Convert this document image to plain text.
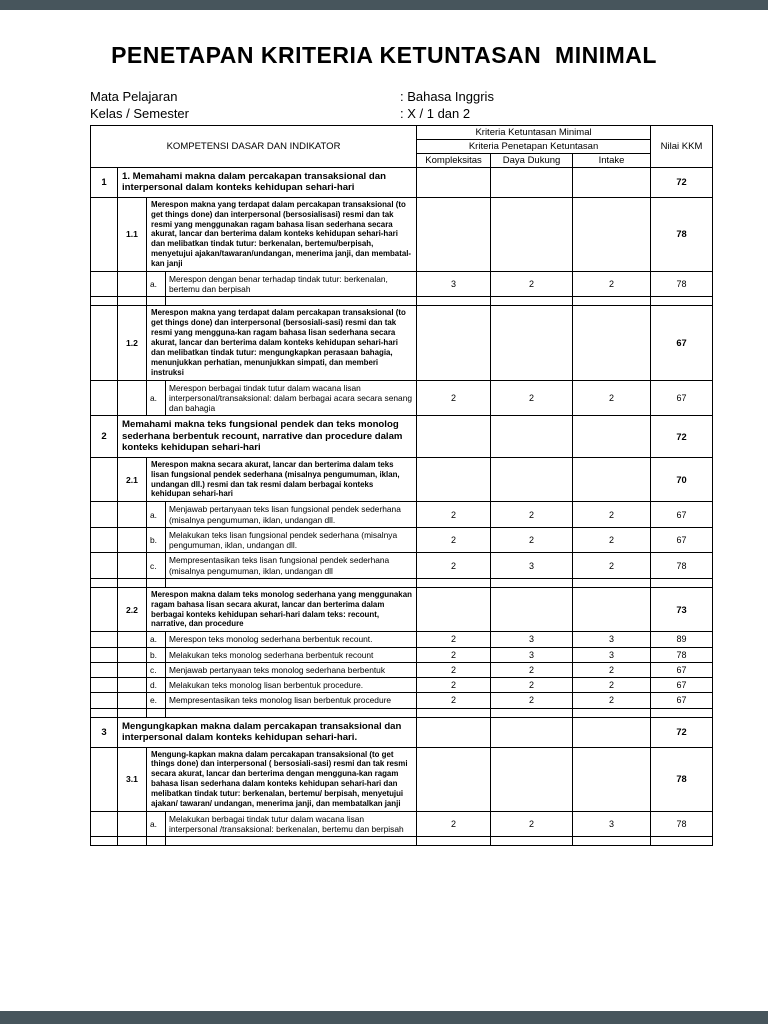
PENETAPAN KRITERIA KETUNTASAN  MINIMAL
Mata Pelajaran	: Bahasa Inggris
Kelas / Semester	: X / 1 dan 2
KOMPETENSI DASAR DAN INDIKATOR				Kriteria Ketuntasan Minimal			Nilai KKM
				Kriteria Penetapan Ketuntasan			
				Kompleksitas	Daya Dukung	Intake	
1	1. Memahami makna dalam percakapan transaksional dan interpersonal dalam konteks kehidupan sehari-hari						72
	1.1	Merespon makna yang terdapat dalam percakapan transaksional (to get things done) dan interpersonal (bersosialisasi) resmi dan tak resmi yang menggunakan ragam bahasa lisan sederhana secara akurat, lancar dan berterima dalam konteks kehidupan sehari-hari dan melibatkan tindak tutur: berkenalan, bertemu/berpisah, menyetujui ajakan/tawaran/undangan, menerima janji, dan membatal-kan janji					78
		a.	Merespon dengan benar terhadap tindak tutur: berkenalan, bertemu dan berpisah	3	2	2	78

	1.2	Merespon makna yang terdapat dalam percakapan transaksional (to get things done) dan interpersonal (bersosiali-sasi) resmi dan tak resmi yang mengguna-kan ragam bahasa lisan sederhana secara akurat, lancar dan berterima dalam konteks kehidupan sehari-hari dan melibatkan tindak tutur: mengungkapkan perasaan bahagia, menunjukkan perhatian, menunjukkan simpati, dan memberi instruksi					67
		a.	Merespon berbagai tindak tutur dalam wacana lisan interpersonal/transaksional: dalam berbagai acara secara senang dan bahagia	2	2	2	67
2	Memahami makna teks fungsional pendek dan teks monolog sederhana berbentuk recount, narrative dan procedure dalam konteks kehidupan sehari-hari						72
	2.1	Merespon makna secara akurat, lancar dan berterima dalam teks lisan fungsional pendek sederhana (misalnya pengumuman, iklan, undangan dll.) resmi dan tak resmi dalam berbagai konteks kehidupan sehari-hari					70
		a.	Menjawab pertanyaan teks lisan fungsional pendek sederhana (misalnya pengumuman, iklan, undangan dll.	2	2	2	67
		b.	Melakukan teks lisan fungsional pendek sederhana (misalnya pengumuman, iklan, undangan dll.	2	2	2	67
		c.	Mempresentasikan teks lisan fungsional pendek sederhana (misalnya pengumuman, iklan, undangan dll	2	3	2	78

	2.2	Merespon makna dalam teks monolog sederhana yang menggunakan ragam bahasa lisan secara akurat, lancar dan berterima dalam berbagai konteks kehidupan sehari-hari dalam teks: recount, narrative, dan procedure					73
		a.	Merespon teks monolog sederhana berbentuk recount.	2	3	3	89
		b.	Melakukan teks monolog sederhana berbentuk recount	2	3	3	78
		c.	Menjawab pertanyaan teks monolog sederhana berbentuk	2	2	2	67
		d.	Melakukan teks monolog lisan berbentuk procedure.	2	2	2	67
		e.	Mempresentasikan teks monolog lisan berbentuk procedure	2	2	2	67

3	Mengungkapkan makna dalam percakapan transaksional dan interpersonal dalam konteks kehidupan sehari-hari.						72
	3.1	Mengung-kapkan makna dalam percakapan transaksional (to get things done) dan interpersonal ( bersosiali-sasi) resmi dan tak resmi secara akurat, lancar dan berterima dengan mengguna-kan ragam bahasa lisan sederhana dalam konteks kehidupan sehari-hari dan melibatkan tindak tutur: berkenalan, bertemu/ berpisah, menyetujui ajakan/ tawaran/ undangan, menerima janji, dan membatalkan janji					78
		a.	Melakukan berbagai tindak tutur dalam wacana lisan interpersonal /transaksional: berkenalan, bertemu dan berpisah	2	2	3	78
